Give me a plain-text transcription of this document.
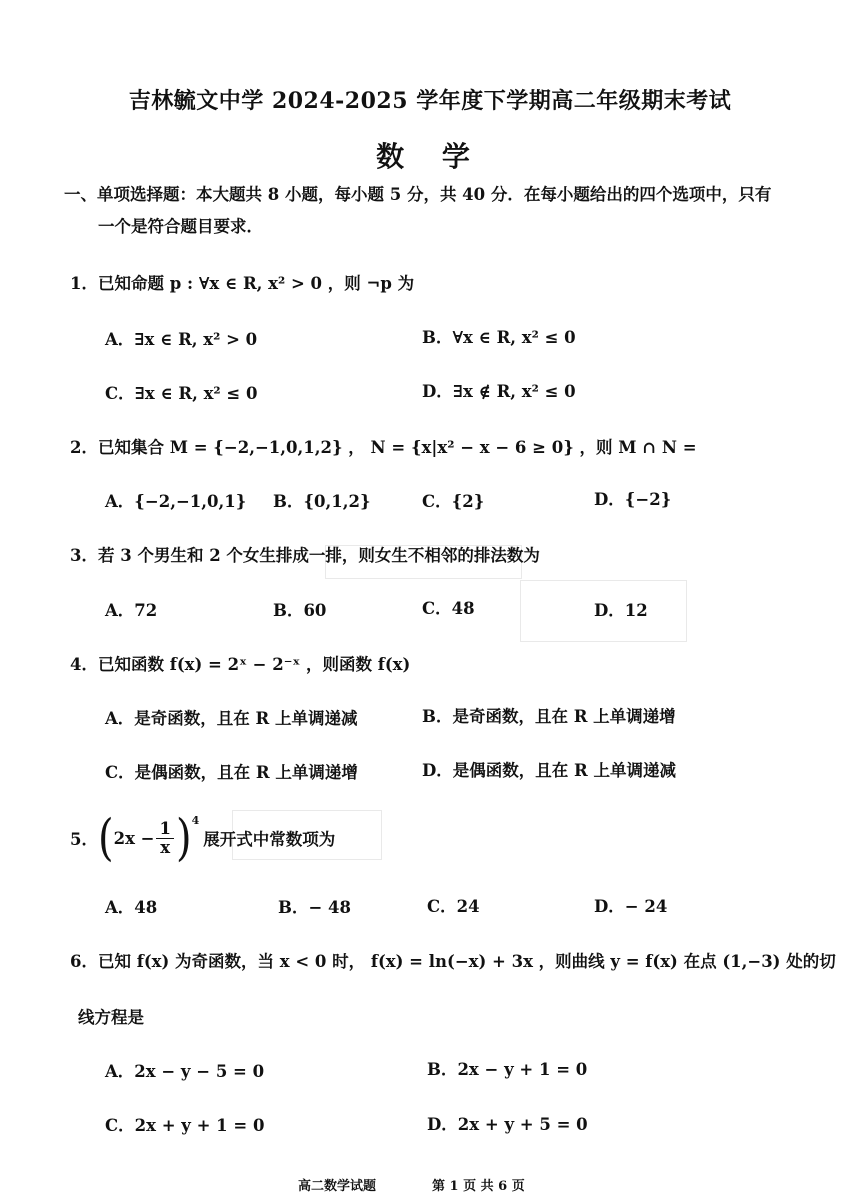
吉林毓文中学 2024-2025 学年度下学期高二年级期末考试
数 学
一、单项选择题：本大题共 8 小题，每小题 5 分，共 40 分．在每小题给出的四个选项中，只有
一个是符合题目要求．
1．已知命题 p : ∀x ∈ R, x² > 0 ，则 ¬p 为
A．∃x ∈ R, x² > 0	B．∀x ∈ R, x² ≤ 0
C．∃x ∈ R, x² ≤ 0	D．∃x ∉ R, x² ≤ 0
2．已知集合 M = {−2,−1,0,1,2} ， N = {x|x² − x − 6 ≥ 0} ，则 M ∩ N =
A．{−2,−1,0,1} B．{0,1,2}	C．{2}	D．{−2}
3．若 3 个男生和 2 个女生排成一排，则女生不相邻的排法数为
A．72	B．60	C．48	D．12
4．已知函数 f(x) = 2ˣ − 2⁻ˣ ，则函数 f(x)
A．是奇函数，且在 R 上单调递减	B．是奇函数，且在 R 上单调递增
C．是偶函数，且在 R 上单调递增	D．是偶函数，且在 R 上单调递减
5． ( $2x - \frac{1}{x}$ ) 4
展开式中常数项为
A．48	B．− 48	C．24	D．− 24
6．已知 f(x) 为奇函数，当 x < 0 时， f(x) = ln(−x) + 3x ，则曲线 y = f(x) 在点 (1,−3) 处的切
线方程是
A．2x − y − 5 = 0	B．2x − y + 1 = 0
C．2x + y + 1 = 0	D．2x + y + 5 = 0
高二数学试题	第 1 页 共 6 页
